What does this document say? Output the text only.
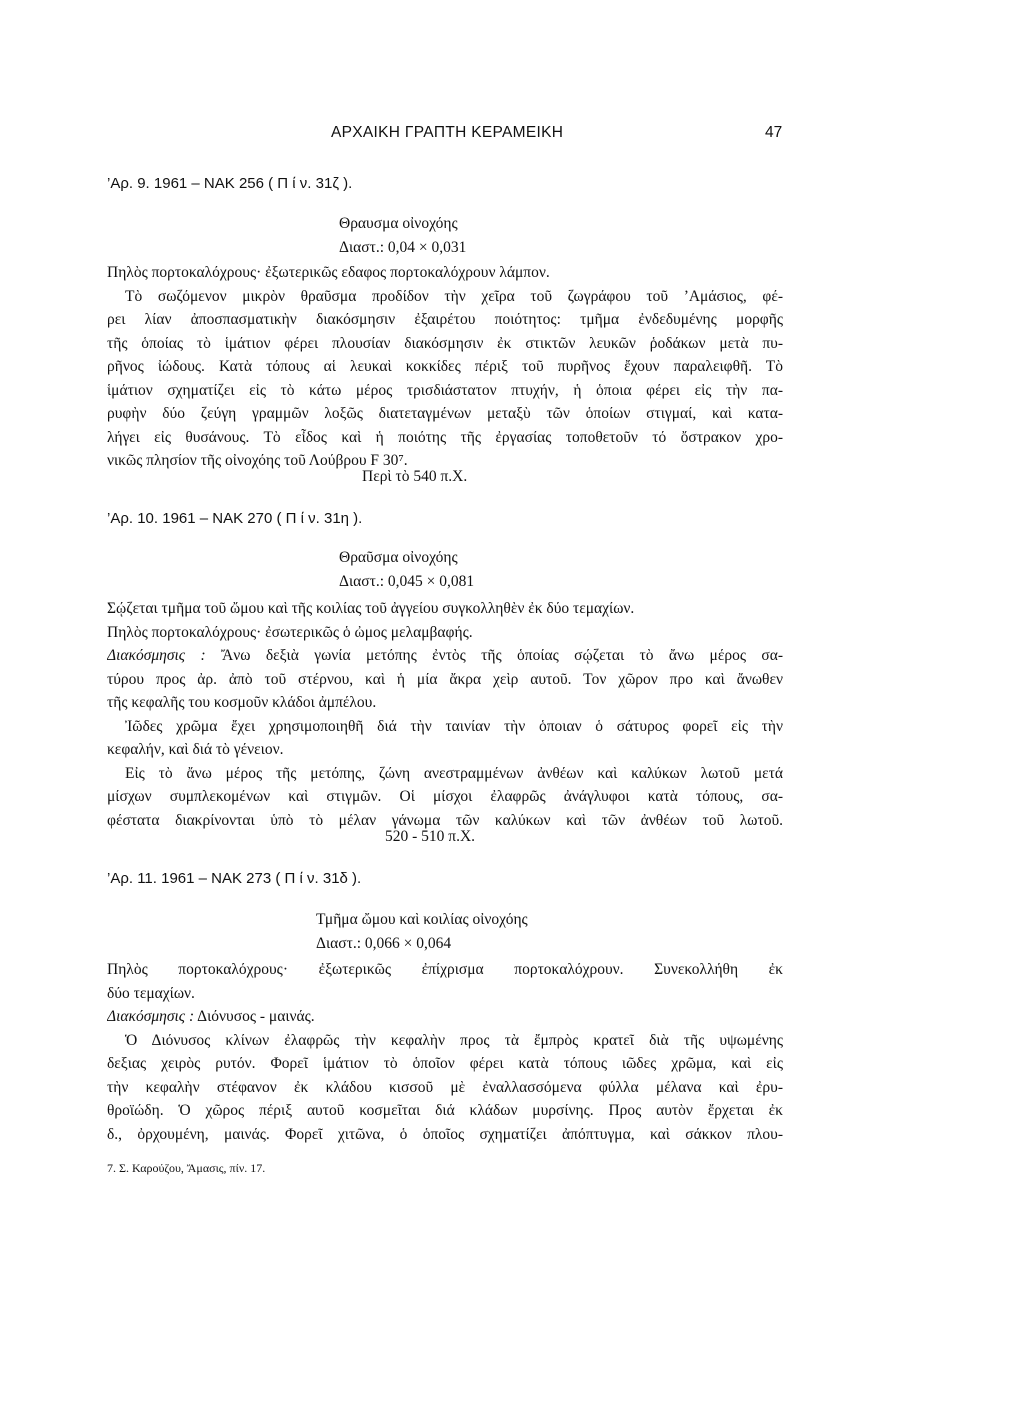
ΑΡΧΑΙΚΗ ΓΡΑΠΤΗ ΚΕΡΑΜΕΙΚΗ	47
’Αρ. 9. 1961 – ΝΑΚ 256 ( Π ί ν. 31ζ ).
Θραυσμα οἰνοχόης
Διαστ.: 0,04 × 0,031
Πηλὸς πορτοκαλόχρους· ἐξωτερικῶς εδαφος πορτοκαλόχρουν λάμπον.
Τὸ σωζόμενον μικρὸν θραῦσμα προδίδον τὴν χεῖρα τοῦ ζωγράφου τοῦ ’Αμάσιος, φέ-
ρει λίαν ἀποσπασματικὴν διακόσμησιν ἐξαιρέτου ποιότητος: τμῆμα ἐνδεδυμένης μορφῆς
τῆς ὁποίας τὸ ἱμάτιον φέρει πλουσίαν διακόσμησιν ἐκ στικτῶν λευκῶν ῥοδάκων μετὰ πυ-
ρῆνος ἰώδους. Κατὰ τόπους αἱ λευκαὶ κοκκίδες πέριξ τοῦ πυρῆνος ἔχουν παραλειφθῆ. Τὸ
ἱμάτιον σχηματίζει εἰς τὸ κάτω μέρος τρισδιάστατον πτυχήν, ἡ ὁποια φέρει εἰς τὴν πα-
ρυφὴν δύο ζεύγη γραμμῶν λοξῶς διατεταγμένων μεταξὺ τῶν ὁποίων στιγμαί, καὶ κατα-
λήγει εἰς θυσάνους. Τὸ εἶδος καὶ ἡ ποιότης τῆς ἐργασίας τοποθετοῦν τό ὄστρακον χρο-
νικῶς πλησίον τῆς οἰνοχόης τοῦ Λούβρου F 30⁷.
Περὶ τὸ 540 π.Χ.
’Αρ. 10. 1961 – ΝΑΚ 270 ( Π ί ν. 31η ).
Θραῦσμα οἰνοχόης
Διαστ.: 0,045 × 0,081
Σῴζεται τμῆμα τοῦ ὤμου καὶ τῆς κοιλίας τοῦ ἀγγείου συγκολληθὲν ἐκ δύο τεμαχίων.
Πηλὸς πορτοκαλόχρους· ἐσωτερικῶς ὁ ὠμος μελαμβαφής.
Διακόσμησις : Ἄνω δεξιὰ γωνία μετόπης ἐντὸς τῆς ὁποίας σῴζεται τὸ ἄνω μέρος σα-
τύρου προς ἀρ. ἀπὸ τοῦ στέρνου, καὶ ἡ μία ἄκρα χεὶρ αυτοῦ. Τον χῶρον προ καὶ ἄνωθεν
τῆς κεφαλῆς του κοσμοῦν κλάδοι ἀμπέλου.
Ἰῶδες χρῶμα ἔχει χρησιμοποιηθῆ διά τὴν ταινίαν τὴν ὁποιαν ὁ σάτυρος φορεῖ εἰς τὴν
κεφαλήν, καὶ διά τὸ γένειον.
Εἰς τὸ ἄνω μέρος τῆς μετόπης, ζώνη ανεστραμμένων ἀνθέων καὶ καλύκων λωτοῦ μετά
μίσχων συμπλεκομένων καὶ στιγμῶν. Οἱ μίσχοι ἐλαφρῶς ἀνάγλυφοι κατὰ τόπους, σα-
φέστατα διακρίνονται ὑπὸ τὸ μέλαν γάνωμα τῶν καλύκων καὶ τῶν ἀνθέων τοῦ λωτοῦ.
520 - 510 π.Χ.
’Αρ. 11. 1961 – ΝΑΚ 273 ( Π ί ν. 31δ ).
Τμῆμα ὤμου καὶ κοιλίας οἰνοχόης
Διαστ.: 0,066 × 0,064
Πηλὸς πορτοκαλόχρους· ἐξωτερικῶς ἐπίχρισμα πορτοκαλόχρουν. Συνεκολλήθη ἐκ
δύο τεμαχίων.
Διακόσμησις : Διόνυσος - μαινάς.
Ὁ Διόνυσος κλίνων ἐλαφρῶς τὴν κεφαλὴν προς τὰ ἔμπρὸς κρατεῖ διὰ τῆς υψωμένης
δεξιας χειρὸς ρυτόν. Φορεῖ ἱμάτιον τὸ ὁποῖον φέρει κατὰ τόπους ιῶδες χρῶμα, καὶ εἰς
τὴν κεφαλὴν στέφανον ἐκ κλάδου κισσοῦ μὲ ἐναλλασσόμενα φύλλα μέλανα καὶ ἐρυ-
θροϊώδη. Ὁ χῶρος πέριξ αυτοῦ κοσμεῖται διά κλάδων μυρσίνης. Προς αυτὸν ἔρχεται ἐκ
δ., ὀρχουμένη, μαινάς. Φορεῖ χιτῶνα, ὁ ὁποῖος σχηματίζει ἀπόπτυγμα, καὶ σάκκον πλου-
7. Σ. Καρούζου, Ἄμασις, πίν. 17.
